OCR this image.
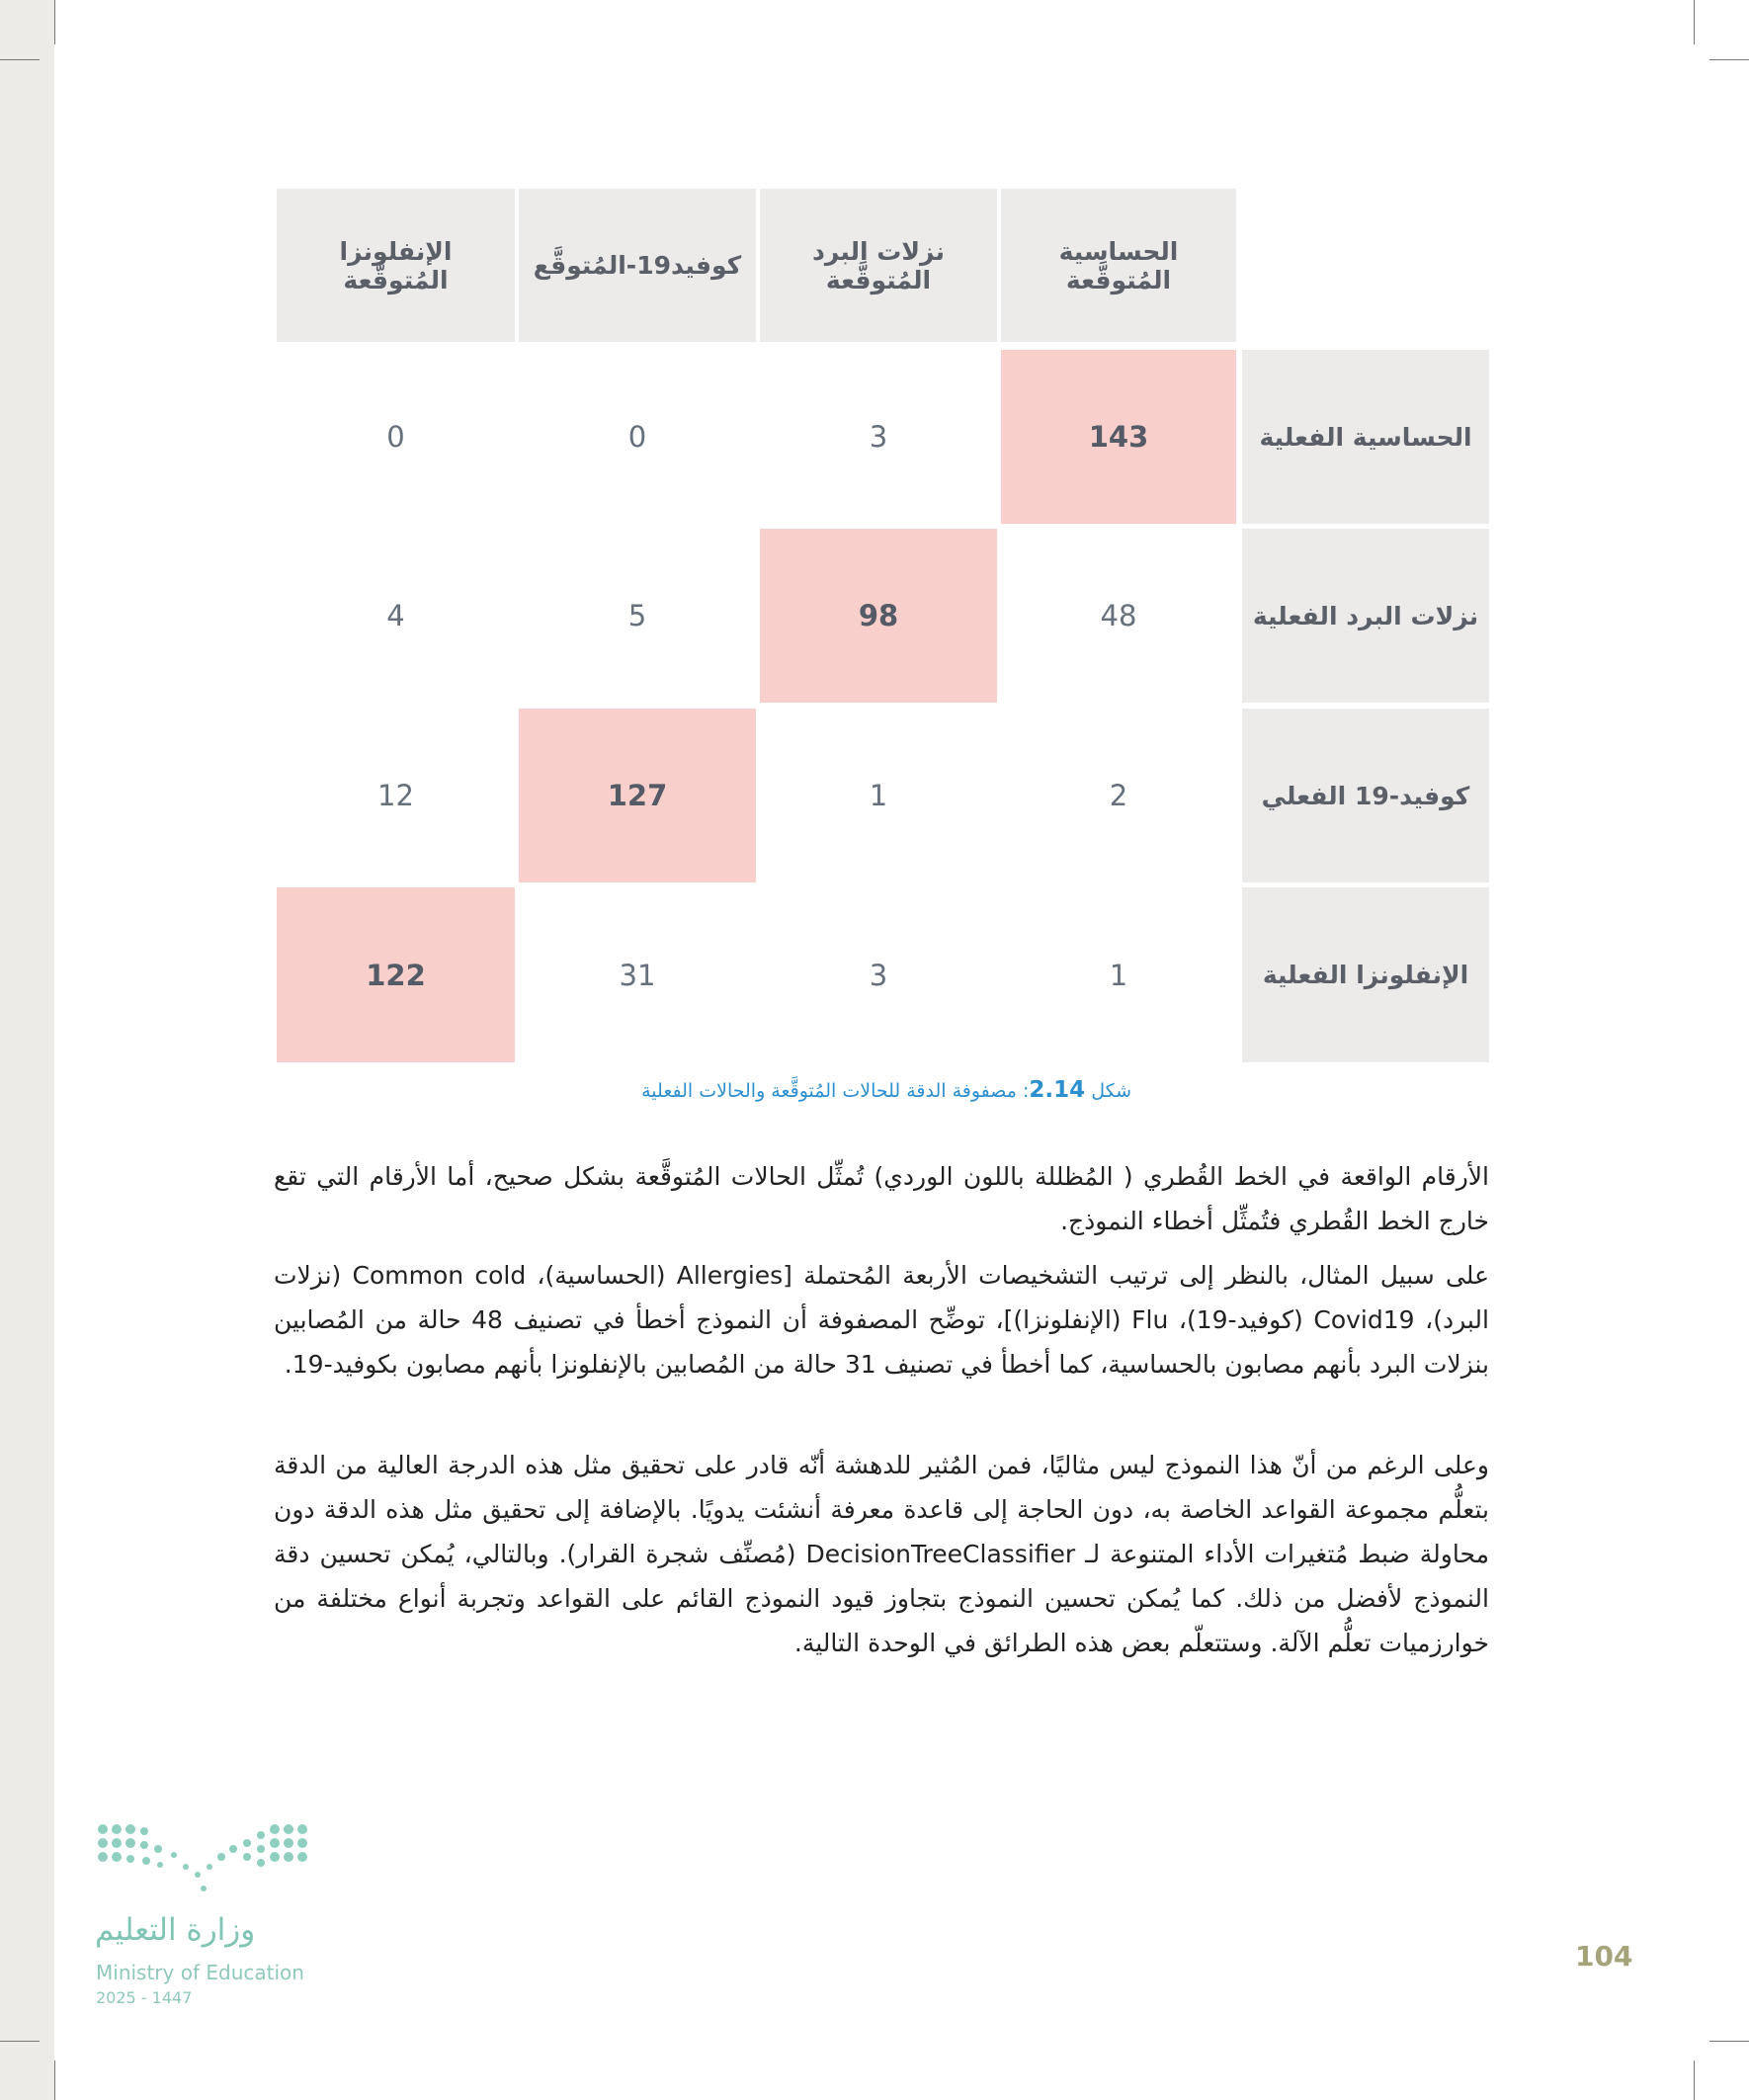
الحساسية المُتوقَّعة
نزلات البرد المُتوقَّعة
كوفيد19-المُتوقَّع
الإنفلونزا المُتوقَّعة
الحساسية الفعلية
نزلات البرد الفعلية
كوفيد-19 الفعلي
الإنفلونزا الفعلية
143
3
0
0
48
98
5
4
2
1
127
12
1
3
31
122
شكل 2.14: مصفوفة الدقة للحالات المُتوقَّعة والحالات الفعلية

الأرقام الواقعة في الخط القُطري ( المُظللة باللون الوردي) تُمثِّل الحالات المُتوقَّعة بشكل صحيح، أما الأرقام التي تقع خارج الخط القُطري فتُمثِّل أخطاء النموذج.

على سبيل المثال، بالنظر إلى ترتيب التشخيصات الأربعة المُحتملة [Allergies (الحساسية)، Common cold (نزلات البرد)، Covid19 (كوفيد-19)، Flu (الإنفلونزا)]، توضِّح المصفوفة أن النموذج أخطأ في تصنيف 48 حالة من المُصابين بنزلات البرد بأنهم مصابون بالحساسية، كما أخطأ في تصنيف 31 حالة من المُصابين بالإنفلونزا بأنهم مصابون بكوفيد-19.

وعلى الرغم من أنّ هذا النموذج ليس مثاليًا، فمن المُثير للدهشة أنّه قادر على تحقيق مثل هذه الدرجة العالية من الدقة بتعلُّم مجموعة القواعد الخاصة به، دون الحاجة إلى قاعدة معرفة أنشئت يدويًا. بالإضافة إلى تحقيق مثل هذه الدقة دون محاولة ضبط مُتغيرات الأداء المتنوعة لـ DecisionTreeClassifier (مُصنِّف شجرة القرار). وبالتالي، يُمكن تحسين دقة النموذج لأفضل من ذلك. كما يُمكن تحسين النموذج بتجاوز قيود النموذج القائم على القواعد وتجربة أنواع مختلفة من خوارزميات تعلُّم الآلة. وستتعلّم بعض هذه الطرائق في الوحدة التالية.

وزارة التعليم
Ministry of Education
2025 - 1447
104
